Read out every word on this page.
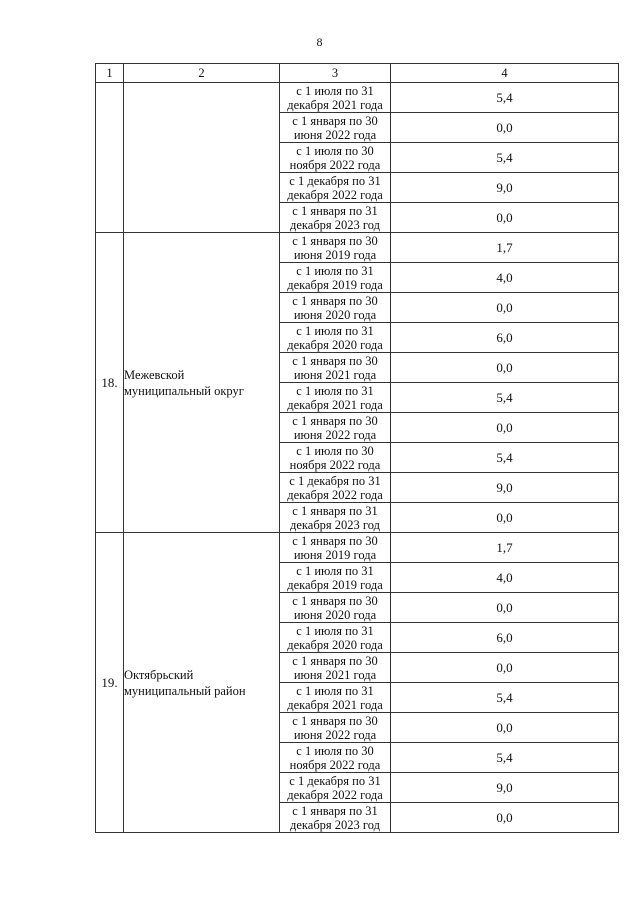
8
1	2	3	4

		с 1 июля по 31
декабря 2021 года	5,4

		с 1 января по 30
июня 2022 года	0,0

		с 1 июля по 30
ноября 2022 года	5,4

		с 1 декабря по 31
декабря 2022 года	9,0

		с 1 января по 31
декабря 2023 год	0,0
18.	Межевской
муниципальный округ	с 1 января по 30
июня 2019 года	1,7

		с 1 июля по 31
декабря 2019 года	4,0

		с 1 января по 30
июня 2020 года	0,0

		с 1 июля по 31
декабря 2020 года	6,0

		с 1 января по 30
июня 2021 года	0,0

		с 1 июля по 31
декабря 2021 года	5,4

		с 1 января по 30
июня 2022 года	0,0

		с 1 июля по 30
ноября 2022 года	5,4

		с 1 декабря по 31
декабря 2022 года	9,0

		с 1 января по 31
декабря 2023 год	0,0
19.	Октябрьский
муниципальный район	с 1 января по 30
июня 2019 года	1,7

		с 1 июля по 31
декабря 2019 года	4,0

		с 1 января по 30
июня 2020 года	0,0

		с 1 июля по 31
декабря 2020 года	6,0

		с 1 января по 30
июня 2021 года	0,0

		с 1 июля по 31
декабря 2021 года	5,4

		с 1 января по 30
июня 2022 года	0,0

		с 1 июля по 30
ноября 2022 года	5,4

		с 1 декабря по 31
декабря 2022 года	9,0

		с 1 января по 31
декабря 2023 год	0,0
